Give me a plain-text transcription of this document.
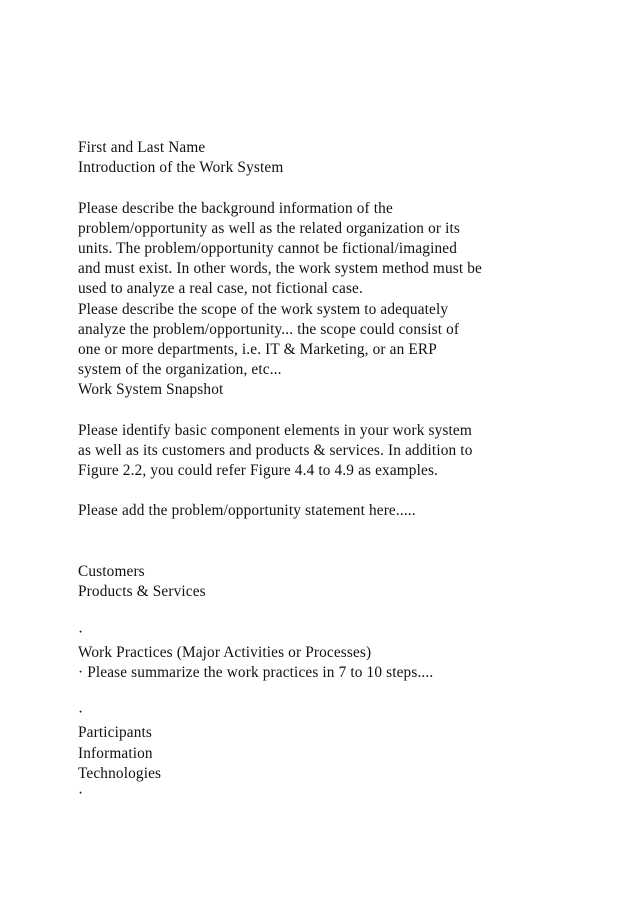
First and Last Name
Introduction of the Work System
Please describe the background information of the
problem/opportunity as well as the related organization or its
units. The problem/opportunity cannot be fictional/imagined
and must exist. In other words, the work system method must be
used to analyze a real case, not fictional case.
Please describe the scope of the work system to adequately
analyze the problem/opportunity... the scope could consist of
one or more departments, i.e. IT & Marketing, or an ERP
system of the organization, etc...
Work System Snapshot
Please identify basic component elements in your work system
as well as its customers and products & services. In addition to
Figure 2.2, you could refer Figure 4.4 to 4.9 as examples.
Please add the problem/opportunity statement here.....
Customers
Products & Services
·
Work Practices (Major Activities or Processes)
· Please summarize the work practices in 7 to 10 steps....
·
Participants
Information
Technologies
·
